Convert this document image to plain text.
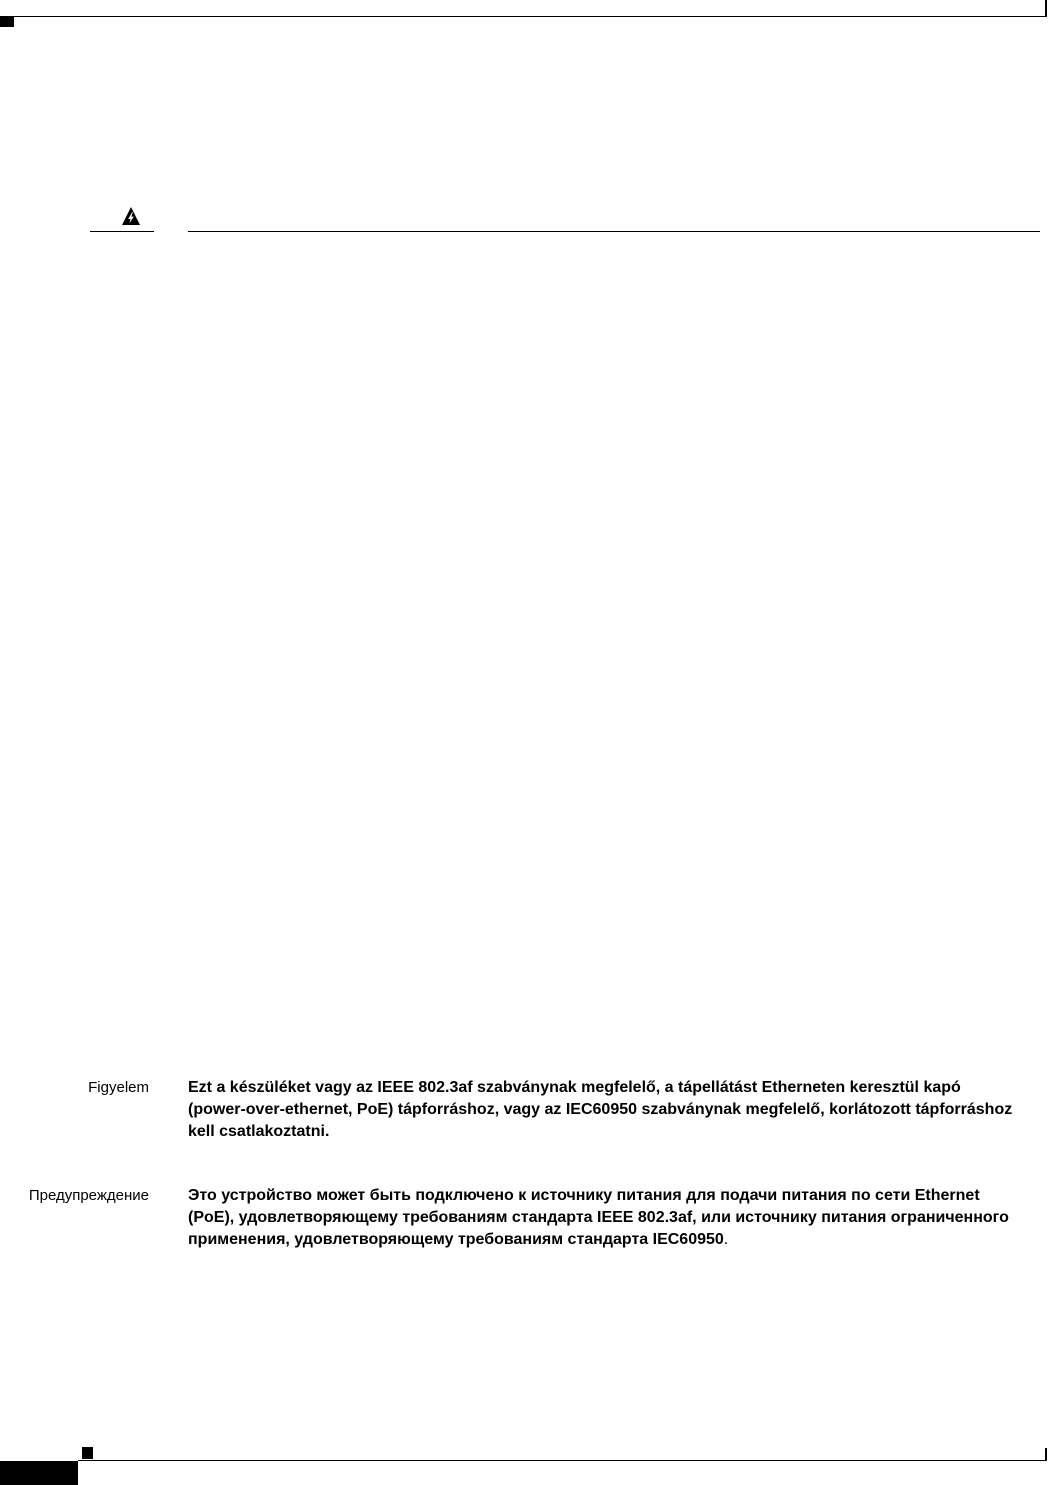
Figyelem Ezt a készüléket vagy az IEEE 802.3af szabványnak megfelelő, a tápellátást Etherneten keresztül kapó (power-over-ethernet, PoE) tápforráshoz, vagy az IEC60950 szabványnak megfelelő, korlátozott tápforráshoz kell csatlakoztatni.
Предупреждение Это устройство может быть подключено к источнику питания для подачи питания по сети Ethernet (PoE), удовлетворяющему требованиям стандарта IEEE 802.3af, или источнику питания ограниченного применения, удовлетворяющему требованиям стандарта IEC60950.
